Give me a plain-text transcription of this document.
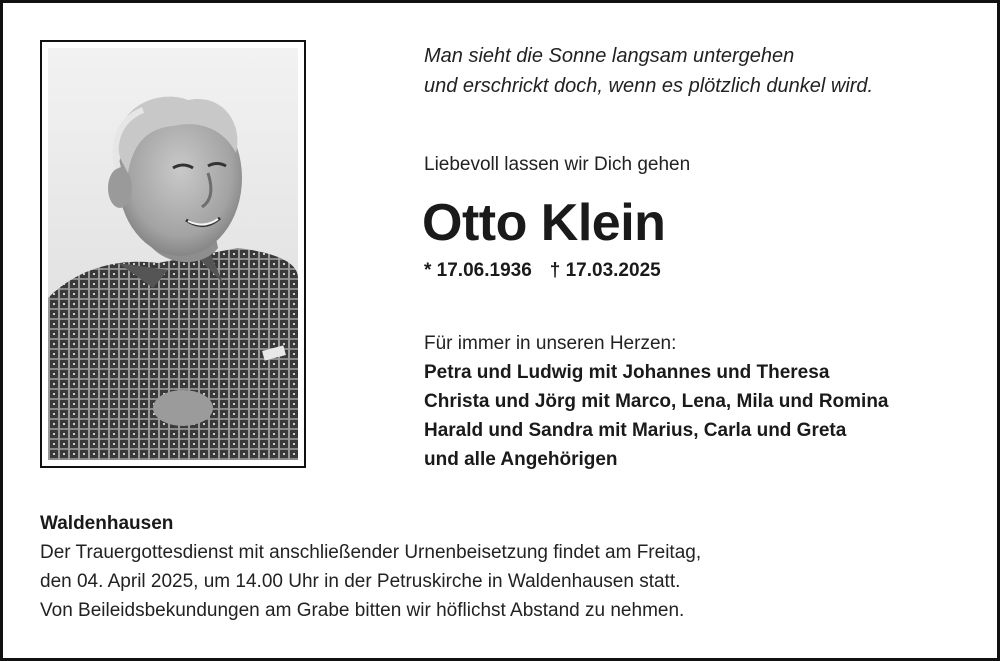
Man sieht die Sonne langsam untergehen
und erschrickt doch, wenn es plötzlich dunkel wird.
Liebevoll lassen wir Dich gehen
Otto Klein
* 17.06.1936 † 17.03.2025
Für immer in unseren Herzen:
Petra und Ludwig mit Johannes und Theresa
Christa und Jörg mit Marco, Lena, Mila und Romina
Harald und Sandra mit Marius, Carla und Greta
und alle Angehörigen
Waldenhausen
Der Trauergottesdienst mit anschließender Urnenbeisetzung findet am Freitag,
den 04. April 2025, um 14.00 Uhr in der Petruskirche in Waldenhausen statt.
Von Beileidsbekundungen am Grabe bitten wir höflichst Abstand zu nehmen.
